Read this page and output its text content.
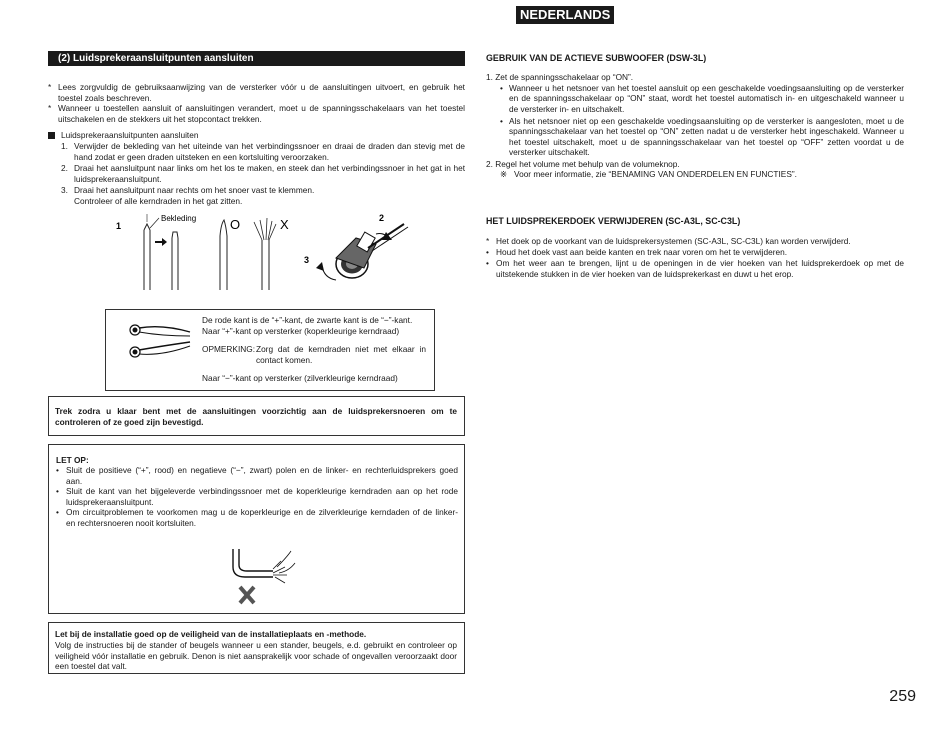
NEDERLANDS
(2) Luidsprekeraansluitpunten aansluiten
* Lees zorgvuldig de gebruiksaanwijzing van de versterker vóór u de aansluitingen uitvoert, en gebruik het
toestel zoals beschreven.
* Wanneer u toestellen aansluit of aansluitingen verandert, moet u de spanningsschakelaars van het toestel
uitschakelen en de stekkers uit het stopcontact trekken.
Luidsprekeraansluitpunten aansluiten
1. Verwijder de bekleding van het uiteinde van het verbindingssnoer en draai de draden dan stevig met de
hand zodat er geen draden uitsteken en een kortsluiting veroorzaken.
2. Draai het aansluitpunt naar links om het los te maken, en steek dan het verbindingssnoer in het gat in het
luidsprekeraansluitpunt.
3. Draai het aansluitpunt naar rechts om het snoer vast te klemmen.
Controleer of alle kerndraden in het gat zitten.
1
2
3
Bekleding	O	X
De rode kant is de “+”-kant, de zwarte kant is de “−”-kant.
Naar “+”-kant op versterker (koperkleurige kerndraad)
OPMERKING: Zorg dat de kerndraden niet met elkaar in
contact komen.
Naar “−”-kant op versterker (zilverkleurige kerndraad)
Trek zodra u klaar bent met de aansluitingen voorzichtig aan de luidsprekersnoeren om te
controleren of ze goed zijn bevestigd.
LET OP:
• Sluit de positieve (“+”, rood) en negatieve (“−”, zwart) polen en de linker- en rechterluidsprekers goed
aan.
• Sluit de kant van het bijgeleverde verbindingssnoer met de koperkleurige kerndraden aan op het rode
luidsprekeraansluitpunt.
• Om circuitproblemen te voorkomen mag u de koperkleurige en de zilverkleurige kerndaden of de linker-
en rechtersnoeren nooit kortsluiten.
Let bij de installatie goed op de veiligheid van de installatieplaats en -methode.
Volg de instructies bij de stander of beugels wanneer u een stander, beugels, e.d. gebruikt en controleer op
veiligheid vóór installatie en gebruik. Denon is niet aansprakelijk voor schade of ongevallen veroorzaakt door
een toestel dat valt.
GEBRUIK VAN DE ACTIEVE SUBWOOFER (DSW-3L)
1. Zet de spanningsschakelaar op “ON”.
• Wanneer u het netsnoer van het toestel aansluit op een geschakelde voedingsaansluiting op de versterker
en de spanningsschakelaar op “ON” staat, wordt het toestel automatisch in- en uitgeschakeld wanneer u
de versterker in- en uitschakelt.
• Als het netsnoer niet op een geschakelde voedingsaansluiting op de versterker is aangesloten, moet u de
spanningsschakelaar van het toestel op “ON” zetten nadat u de versterker hebt ingeschakeld. Wanneer u
het toestel uitschakelt, moet u de spanningsschakelaar van het toestel op “OFF” zetten voordat u de
versterker uitschakelt.
2. Regel het volume met behulp van de volumeknop.
※ Voor meer informatie, zie “BENAMING VAN ONDERDELEN EN FUNCTIES”.
HET LUIDSPREKERDOEK VERWIJDEREN (SC-A3L, SC-C3L)
* Het doek op de voorkant van de luidsprekersystemen (SC-A3L, SC-C3L) kan worden verwijderd.
• Houd het doek vast aan beide kanten en trek naar voren om het te verwijderen.
• Om het weer aan te brengen, lijnt u de openingen in de vier hoeken van het luidsprekerdoek op met de
uitstekende stukken in de vier hoeken van de luidsprekerkast en duwt u het erop.
259
